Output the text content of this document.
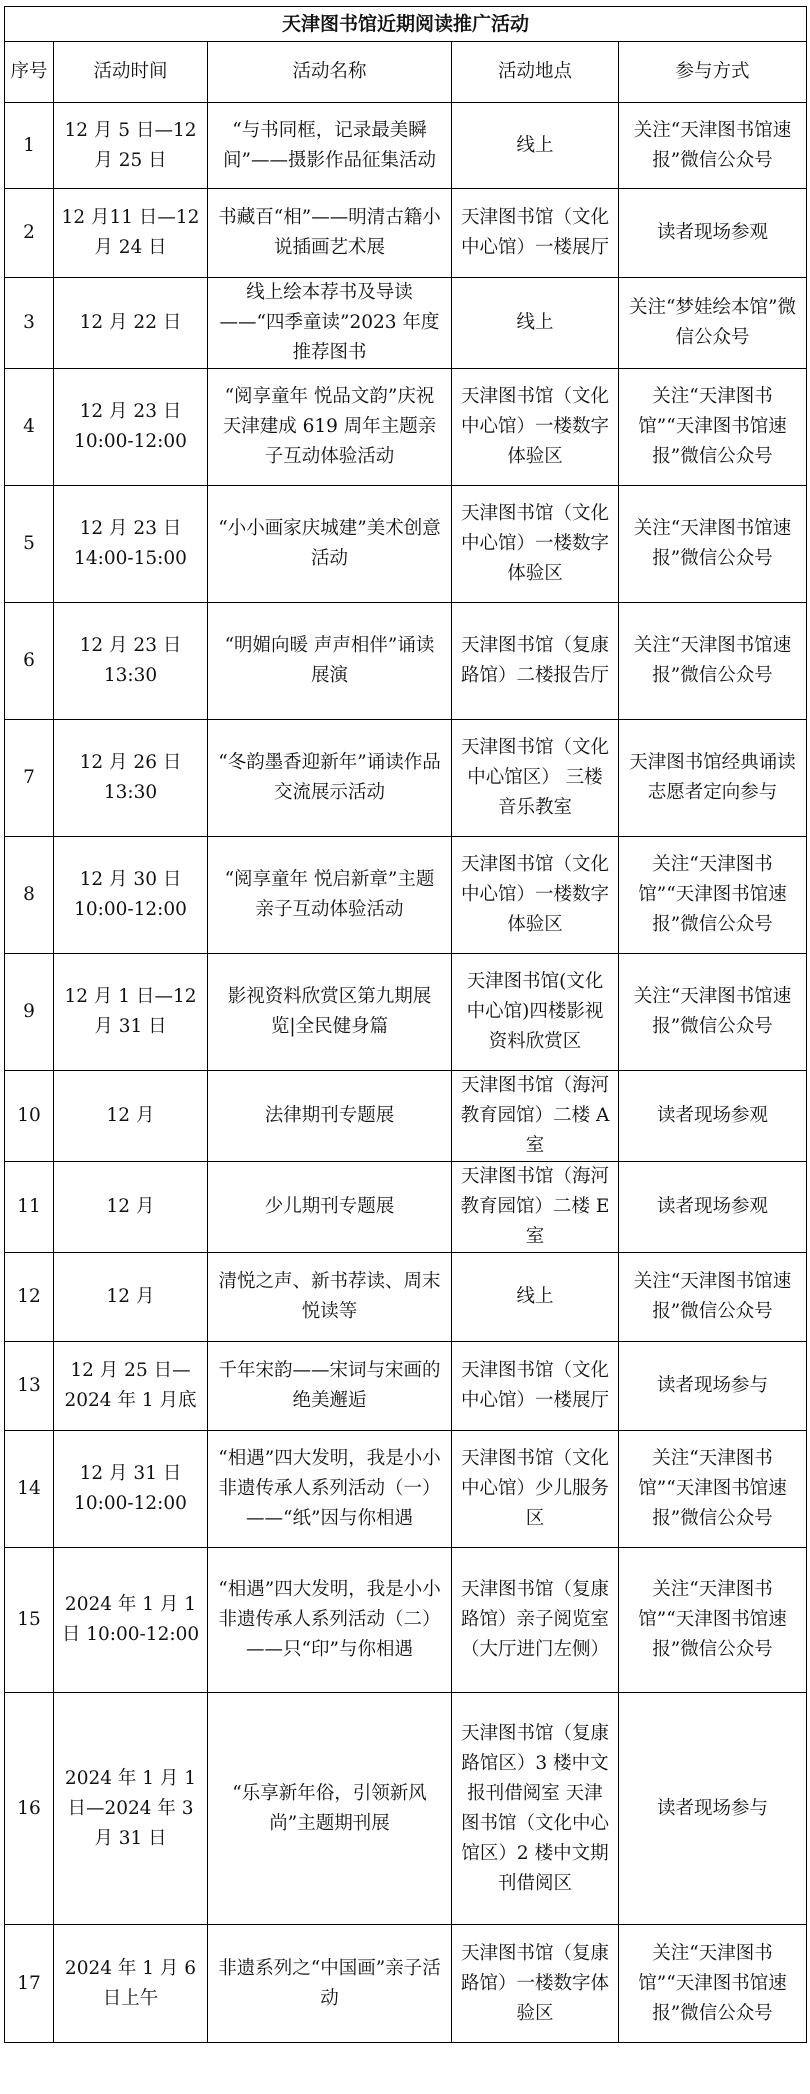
天津图书馆近期阅读推广活动				
序号	活动时间	活动名称	活动地点	参与方式
1	12 月 5 日—12 月 25 日	“与书同框，记录最美瞬间”——摄影作品征集活动	线上	关注“天津图书馆速报”微信公众号
2	12 月11 日—12 月 24 日	书藏百“相”——明清古籍小说插画艺术展	天津图书馆（文化中心馆）一楼展厅	读者现场参观
3	12 月 22 日	线上绘本荐书及导读——“四季童读”2023 年度推荐图书	线上	关注“梦娃绘本馆”微信公众号
4	12 月 23 日 10:00-12:00	“阅享童年 悦品文韵”庆祝天津建成 619 周年主题亲子互动体验活动	天津图书馆（文化中心馆）一楼数字体验区	关注“天津图书馆”“天津图书馆速报”微信公众号
5	12 月 23 日 14:00-15:00	“小小画家庆城建”美术创意活动	天津图书馆（文化中心馆）一楼数字体验区	关注“天津图书馆速报”微信公众号
6	12 月 23 日 13:30	“明媚向暖 声声相伴”诵读展演	天津图书馆（复康路馆）二楼报告厅	关注“天津图书馆速报”微信公众号
7	12 月 26 日 13:30	“冬韵墨香迎新年”诵读作品交流展示活动	天津图书馆（文化中心馆区） 三楼音乐教室	天津图书馆经典诵读志愿者定向参与
8	12 月 30 日 10:00-12:00	“阅享童年 悦启新章”主题亲子互动体验活动	天津图书馆（文化中心馆）一楼数字体验区	关注“天津图书馆”“天津图书馆速报”微信公众号
9	12 月 1 日—12 月 31 日	影视资料欣赏区第九期展览|全民健身篇	天津图书馆(文化中心馆)四楼影视资料欣赏区	关注“天津图书馆速报”微信公众号
10	12 月	法律期刊专题展	天津图书馆（海河教育园馆）二楼 A 室	读者现场参观
11	12 月	少儿期刊专题展	天津图书馆（海河教育园馆）二楼 E 室	读者现场参观
12	12 月	清悦之声、新书荐读、周末悦读等	线上	关注“天津图书馆速报”微信公众号
13	12 月 25 日—2024 年 1 月底	千年宋韵——宋词与宋画的绝美邂逅	天津图书馆（文化中心馆）一楼展厅	读者现场参与
14	12 月 31 日 10:00-12:00	“相遇”四大发明，我是小小非遗传承人系列活动（一）——“纸”因与你相遇	天津图书馆（文化中心馆）少儿服务区	关注“天津图书馆”“天津图书馆速报”微信公众号
15	2024 年 1 月 1 日 10:00-12:00	“相遇”四大发明，我是小小非遗传承人系列活动（二）——只“印”与你相遇	天津图书馆（复康路馆）亲子阅览室（大厅进门左侧）	关注“天津图书馆”“天津图书馆速报”微信公众号
16	2024 年 1 月 1 日—2024 年 3 月 31 日	“乐享新年俗，引领新风尚”主题期刊展	天津图书馆（复康路馆区）3 楼中文报刊借阅室 天津图书馆（文化中心馆区）2 楼中文期刊借阅区	读者现场参与
17	2024 年 1 月 6 日上午	非遗系列之“中国画”亲子活动	天津图书馆（复康路馆）一楼数字体验区	关注“天津图书馆”“天津图书馆速报”微信公众号
